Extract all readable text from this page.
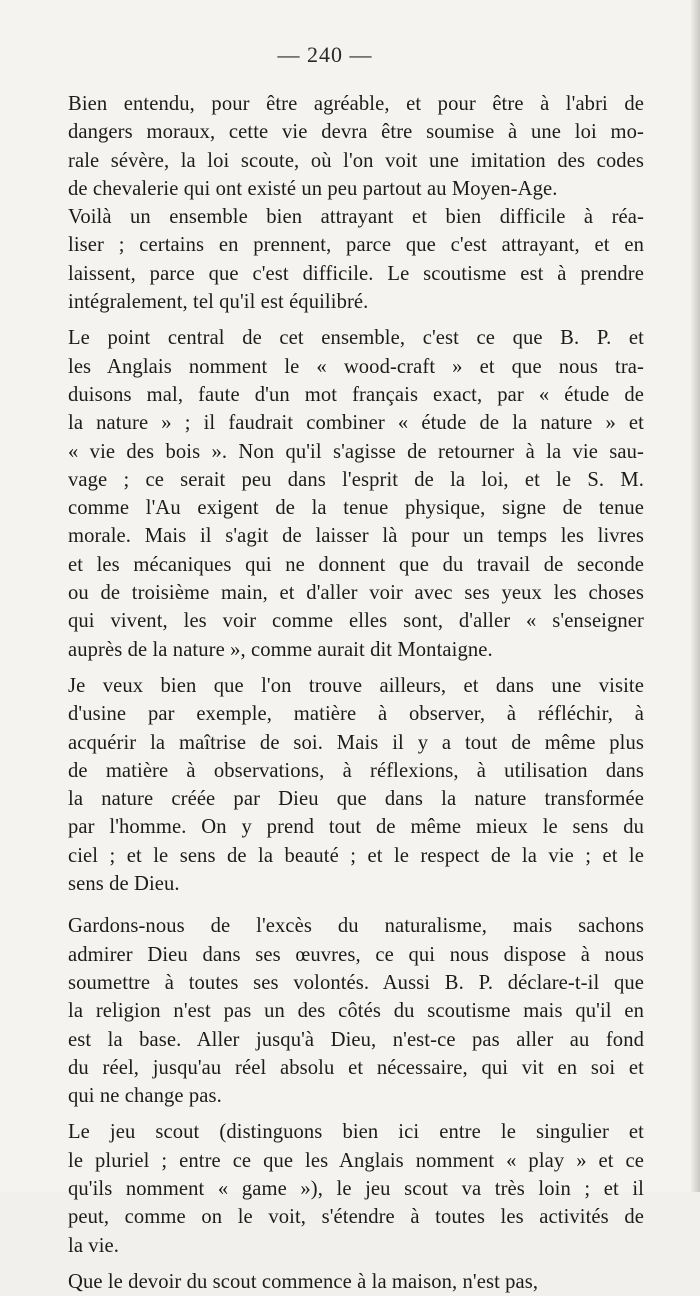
— 240 —

Bien entendu, pour être agréable, et pour être à l'abri de
dangers moraux, cette vie devra être soumise à une loi mo-
rale sévère, la loi scoute, où l'on voit une imitation des codes
de chevalerie qui ont existé un peu partout au Moyen-Age.

Voilà un ensemble bien attrayant et bien difficile à réa-
liser ; certains en prennent, parce que c'est attrayant, et en
laissent, parce que c'est difficile. Le scoutisme est à prendre
intégralement, tel qu'il est équilibré.

Le point central de cet ensemble, c'est ce que B. P. et
les Anglais nomment le « wood-craft » et que nous tra-
duisons mal, faute d'un mot français exact, par « étude de
la nature » ; il faudrait combiner « étude de la nature » et
« vie des bois ». Non qu'il s'agisse de retourner à la vie sau-
vage ; ce serait peu dans l'esprit de la loi, et le S. M.
comme l'Au exigent de la tenue physique, signe de tenue
morale. Mais il s'agit de laisser là pour un temps les livres
et les mécaniques qui ne donnent que du travail de seconde
ou de troisième main, et d'aller voir avec ses yeux les choses
qui vivent, les voir comme elles sont, d'aller « s'enseigner
auprès de la nature », comme aurait dit Montaigne.

Je veux bien que l'on trouve ailleurs, et dans une visite
d'usine par exemple, matière à observer, à réfléchir, à
acquérir la maîtrise de soi. Mais il y a tout de même plus
de matière à observations, à réflexions, à utilisation dans
la nature créée par Dieu que dans la nature transformée
par l'homme. On y prend tout de même mieux le sens du
ciel ; et le sens de la beauté ; et le respect de la vie ; et le
sens de Dieu.

Gardons-nous de l'excès du naturalisme, mais sachons
admirer Dieu dans ses œuvres, ce qui nous dispose à nous
soumettre à toutes ses volontés. Aussi B. P. déclare-t-il que
la religion n'est pas un des côtés du scoutisme mais qu'il en
est la base. Aller jusqu'à Dieu, n'est-ce pas aller au fond
du réel, jusqu'au réel absolu et nécessaire, qui vit en soi et
qui ne change pas.

Le jeu scout (distinguons bien ici entre le singulier et
le pluriel ; entre ce que les Anglais nomment « play » et ce
qu'ils nomment « game »), le jeu scout va très loin ; et il
peut, comme on le voit, s'étendre à toutes les activités de
la vie.

Que le devoir du scout commence à la maison, n'est pas,
